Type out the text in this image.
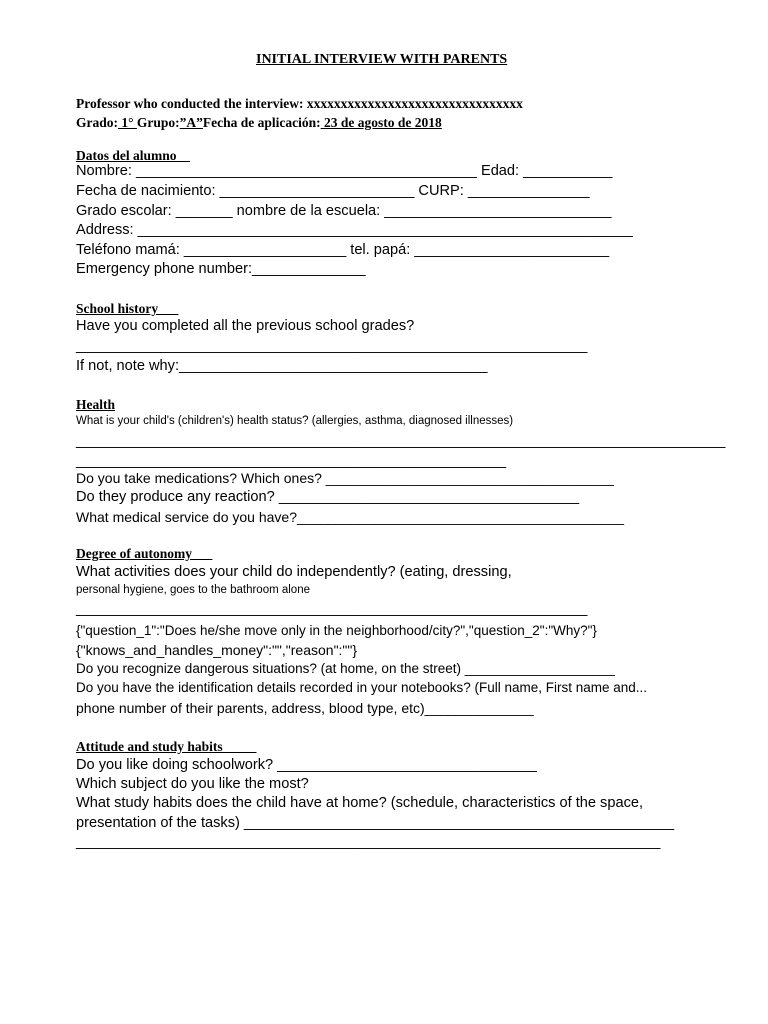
INITIAL INTERVIEW WITH PARENTS
Professor who conducted the interview: xxxxxxxxxxxxxxxxxxxxxxxxxxxxxxxx
Grado: 1° Grupo:”A”Fecha de aplicación: 23 de agosto de 2018
Datos del alumno__
Nombre: __________________________________________ Edad: ___________
Fecha de nacimiento: ________________________ CURP: _______________
Grado escolar: _______ nombre de la escuela: ____________________________
Address: _____________________________________________________________
Teléfono mamá: ____________________ tel. papá: ________________________
Emergency phone number:______________
School history___
Have you completed all the previous school grades?
_______________________________________________________________
If not, note why:______________________________________
Health
What is your child's (children's) health status? (allergies, asthma, diagnosed illnesses)
________________________________________________________________________________
_____________________________________________________
Do you take medications? Which ones? _____________________________________
Do they produce any reaction? _____________________________________
What medical service do you have?__________________________________________
Degree of autonomy___
What activities does your child do independently? (eating, dressing,
personal hygiene, goes to the bathroom alone
_______________________________________________________________
{"question_1":"Does he/she move only in the neighborhood/city?","question_2":"Why?"}
{"knows_and_handles_money":"","reason":""}
Do you recognize dangerous situations? (at home, on the street) ____________________
Do you have the identification details recorded in your notebooks? (Full name, First name and...
phone number of their parents, address, blood type, etc)______________
Attitude and study habits_____
Do you like doing schoolwork? ________________________________
Which subject do you like the most?
What study habits does the child have at home? (schedule, characteristics of the space,
presentation of the tasks) _____________________________________________________
________________________________________________________________________
